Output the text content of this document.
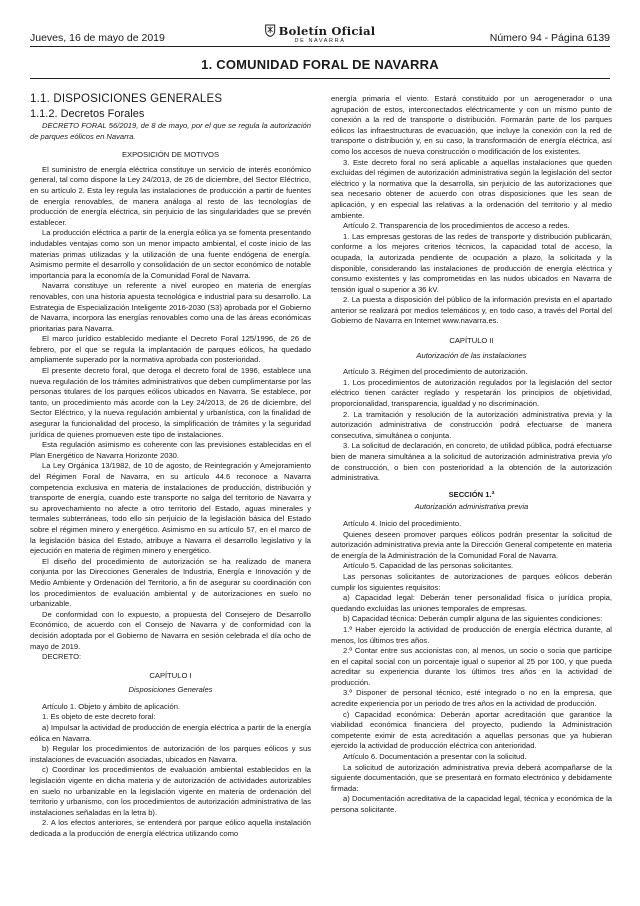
Jueves, 16 de mayo de 2019	Boletín Oficial
DE NAVARRA	Número 94 - Página 6139
1. COMUNIDAD FORAL DE NAVARRA

1.1. DISPOSICIONES GENERALES

1.1.2. Decretos Forales

DECRETO FORAL 56/2019, de 8 de mayo, por el que se regula la autorización de parques eólicos en Navarra.

EXPOSICIÓN DE MOTIVOS

El suministro de energía eléctrica constituye un servicio de interés económico general, tal como dispone la Ley 24/2013, de 26 de diciembre, del Sector Eléctrico, en su artículo 2. Esta ley regula las instalaciones de producción a partir de fuentes de energía renovables, de manera análoga al resto de las tecnologías de producción de energía eléctrica, sin perjuicio de las singularidades que se prevén establecer.

La producción eléctrica a partir de la energía eólica ya se fomenta presentando indudables ventajas como son un menor impacto ambiental, el coste inicio de las materias primas utilizadas y la utilización de una fuente endógena de energía. Asimismo permite el desarrollo y consolidación de un sector económico de notable importancia para la economía de la Comunidad Foral de Navarra.

Navarra constituye un referente a nivel europeo en materia de energías renovables, con una historia apuesta tecnológica e industrial para su desarrollo. La Estrategia de Especialización Inteligente 2016-2030 (S3) aprobada por el Gobierno de Navarra, incorpora las energías renovables como una de las áreas económicas prioritarias para Navarra.

El marco jurídico establecido mediante el Decreto Foral 125/1996, de 26 de febrero, por el que se regula la implantación de parques eólicos, ha quedado ampliamente superado por la normativa aprobada con posterioridad.

El presente decreto foral, que deroga el decreto foral de 1996, establece una nueva regulación de los trámites administrativos que deben cumplimentarse por las personas titulares de los parques eólicos ubicados en Navarra. Se establece, por tanto, un procedimiento más acorde con la Ley 24/2013, de 26 de diciembre, del Sector Eléctrico, y la nueva regulación ambiental y urbanística, con la finalidad de asegurar la funcionalidad del proceso, la simplificación de trámites y la seguridad jurídica de quienes promueven este tipo de instalaciones.

Esta regulación asimismo es coherente con las previsiones establecidas en el Plan Energético de Navarra Horizonte 2030.

La Ley Orgánica 13/1982, de 10 de agosto, de Reintegración y Amejoramiento del Régimen Foral de Navarra, en su artículo 44.6 reconoce a Navarra competencia exclusiva en materia de instalaciones de producción, distribución y transporte de energía, cuando este transporte no salga del territorio de Navarra y su aprovechamiento no afecte a otro territorio del Estado, aguas minerales y termales subterráneas, todo ello sin perjuicio de la legislación básica del Estado sobre el régimen minero y energético. Asimismo en su artículo 57, en el marco de la legislación básica del Estado, atribuye a Navarra el desarrollo legislativo y la ejecución en materia de régimen minero y energético.

El diseño del procedimiento de autorización se ha realizado de manera conjunta por las Direcciones Generales de Industria, Energía e Innovación y de Medio Ambiente y Ordenación del Territorio, a fin de asegurar su coordinación con los procedimientos de evaluación ambiental y de autorizaciones en suelo no urbanizable.

De conformidad con lo expuesto, a propuesta del Consejero de Desarrollo Económico, de acuerdo con el Consejo de Navarra y de conformidad con la decisión adoptada por el Gobierno de Navarra en sesión celebrada el día ocho de mayo de 2019.

DECRETO:

CAPÍTULO I

Disposiciones Generales

Artículo 1. Objeto y ámbito de aplicación.

1. Es objeto de este decreto foral:

a) Impulsar la actividad de producción de energía eléctrica a partir de la energía eólica en Navarra.

b) Regular los procedimientos de autorización de los parques eólicos y sus instalaciones de evacuación asociadas, ubicados en Navarra.

c) Coordinar los procedimientos de evaluación ambiental establecidos en la legislación vigente en dicha materia y de autorización de actividades autorizables en suelo no urbanizable en la legislación vigente en materia de ordenación del territorio y urbanismo, con los procedimientos de autorización administrativa de las instalaciones señaladas en la letra b).

2. A los efectos anteriores, se entenderá por parque eólico aquella instalación dedicada a la producción de energía eléctrica utilizando como

energía primaria el viento. Estará constituido por un aerogenerador o una agrupación de estos, interconectados eléctricamente y con un mismo punto de conexión a la red de transporte o distribución. Formarán parte de los parques eólicos las infraestructuras de evacuación, que incluye la conexión con la red de transporte o distribución y, en su caso, la transformación de energía eléctrica, así como los accesos de nueva construcción o modificación de los existentes.

3. Este decreto foral no será aplicable a aquellas instalaciones que queden excluidas del régimen de autorización administrativa según la legislación del sector eléctrico y la normativa que la desarrolla, sin perjuicio de las autorizaciones que sea necesario obtener de acuerdo con otras disposiciones que les sean de aplicación, y en especial las relativas a la ordenación del territorio y al medio ambiente.

Artículo 2. Transparencia de los procedimientos de acceso a redes.

1. Las empresas gestoras de las redes de transporte y distribución publicarán, conforme a los mejores criterios técnicos, la capacidad total de acceso, la ocupada, la autorizada pendiente de ocupación a plazo, la solicitada y la disponible, considerando las instalaciones de producción de energía eléctrica y consumo existentes y las comprometidas en las nudos ubicados en Navarra de tensión igual o superior a 36 kV.

2. La puesta a disposición del público de la información prevista en el apartado anterior se realizará por medios telemáticos y, en todo caso, a través del Portal del Gobierno de Navarra en Internet www.navarra.es.

CAPÍTULO II

Autorización de las instalaciones

Artículo 3. Régimen del procedimiento de autorización.

1. Los procedimientos de autorización regulados por la legislación del sector eléctrico tienen carácter reglado y respetarán los principios de objetividad, proporcionalidad, transparencia, igualdad y no discriminación.

2. La tramitación y resolución de la autorización administrativa previa y la autorización administrativa de construcción podrá efectuarse de manera consecutiva, simultánea o conjunta.

3. La solicitud de declaración, en concreto, de utilidad pública, podrá efectuarse bien de manera simultánea a la solicitud de autorización administrativa previa y/o de construcción, o bien con posterioridad a la obtención de la autorización administrativa.

SECCIÓN 1.ª

Autorización administrativa previa

Artículo 4. Inicio del procedimiento.

Quienes deseen promover parques eólicos podrán presentar la solicitud de autorización administrativa previa ante la Dirección General competente en materia de energía de la Administración de la Comunidad Foral de Navarra.

Artículo 5. Capacidad de las personas solicitantes.

Las personas solicitantes de autorizaciones de parques eólicos deberán cumplir los siguientes requisitos:

a) Capacidad legal: Deberán tener personalidad física o jurídica propia, quedando excluidas las uniones temporales de empresas.

b) Capacidad técnica: Deberán cumplir alguna de las siguientes condiciones:

1.º Haber ejercido la actividad de producción de energía eléctrica durante, al menos, los últimos tres años.

2.º Contar entre sus accionistas con, al menos, un socio o socia que participe en el capital social con un porcentaje igual o superior al 25 por 100, y que pueda acreditar su experiencia durante los últimos tres años en la actividad de producción.

3.º Disponer de personal técnico, esté integrado o no en la empresa, que acredite experiencia por un periodo de tres años en la actividad de producción.

c) Capacidad económica: Deberán aportar acreditación que garantice la viabilidad económica financiera del proyecto, pudiendo la Administración competente eximir de esta acreditación a aquellas personas que ya hubieran ejercido la actividad de producción eléctrica con anterioridad.

Artículo 6. Documentación a presentar con la solicitud.

La solicitud de autorización administrativa previa deberá acompañarse de la siguiente documentación, que se presentará en formato electrónico y debidamente firmada:

a) Documentación acreditativa de la capacidad legal, técnica y económica de la persona solicitante.
